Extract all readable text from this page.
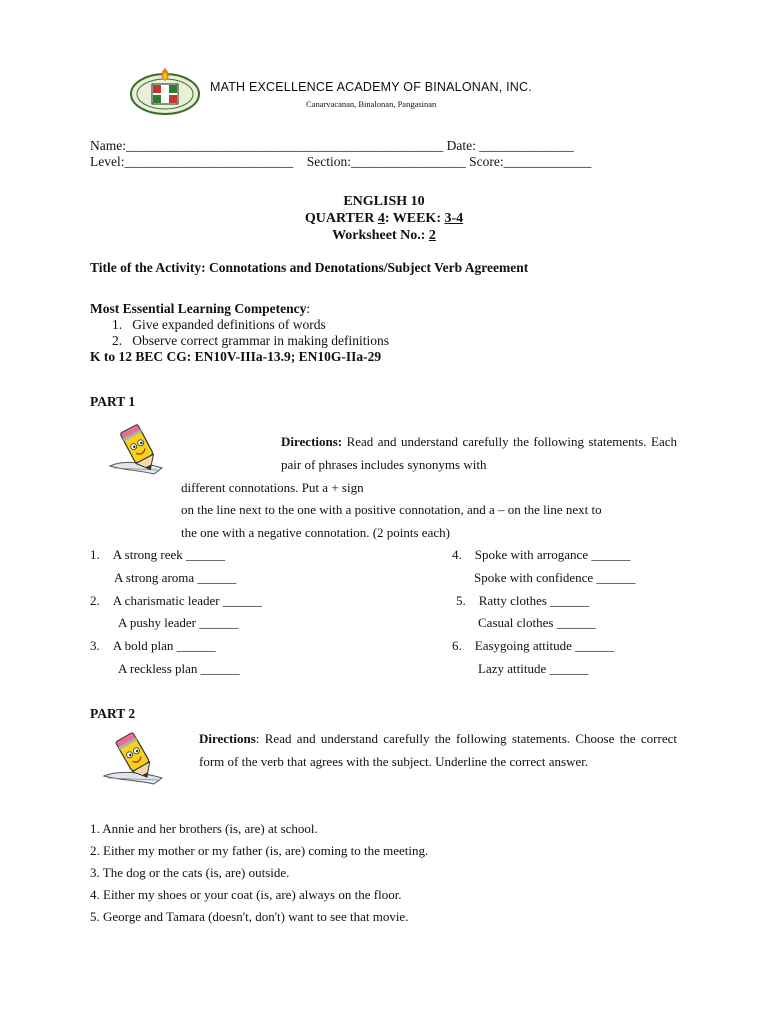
MATH EXCELLENCE ACADEMY OF BINALONAN, INC.
Canarvacanan, Binalonan, Pangasinan
Name:_______________________________________________ Date: ______________
Level:_________________________ Section:_________________ Score:_____________
ENGLISH 10
QUARTER 4: WEEK: 3-4
Worksheet No.: 2
Title of the Activity: Connotations and Denotations/Subject Verb Agreement
Most Essential Learning Competency:
1. Give expanded definitions of words
2. Observe correct grammar in making definitions
K to 12 BEC CG: EN10V-IIIa-13.9; EN10G-IIa-29
PART 1

Directions: Read and understand carefully the following statements. Each pair of phrases includes synonyms with

different connotations. Put a + sign
on the line next to the one with a positive connotation, and a – on the line next to
the one with a negative connotation. (2 points each)
1. A strong reek ______
A strong aroma ______
2. A charismatic leader ______
A pushy leader ______
3. A bold plan ______
A reckless plan ______
4. Spoke with arrogance ______
Spoke with confidence ______
5. Ratty clothes ______
Casual clothes ______
6. Easygoing attitude ______
Lazy attitude ______
PART 2

Directions: Read and understand carefully the following statements. Choose the correct form of the verb that agrees with the subject. Underline the correct answer.

1. Annie and her brothers (is, are) at school.
2. Either my mother or my father (is, are) coming to the meeting.
3. The dog or the cats (is, are) outside.
4. Either my shoes or your coat (is, are) always on the floor.
5. George and Tamara (doesn't, don't) want to see that movie.
